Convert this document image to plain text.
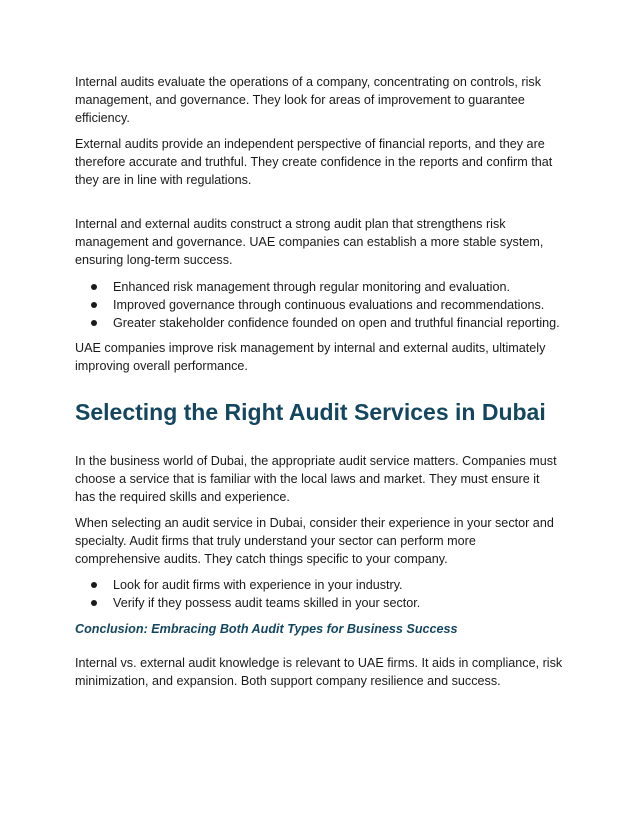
Internal audits evaluate the operations of a company, concentrating on controls, risk management, and governance. They look for areas of improvement to guarantee efficiency.

External audits provide an independent perspective of financial reports, and they are therefore accurate and truthful. They create confidence in the reports and confirm that they are in line with regulations.

Internal and external audits construct a strong audit plan that strengthens risk management and governance. UAE companies can establish a more stable system, ensuring long-term success.

Enhanced risk management through regular monitoring and evaluation.
Improved governance through continuous evaluations and recommendations.
Greater stakeholder confidence founded on open and truthful financial reporting.

UAE companies improve risk management by internal and external audits, ultimately improving overall performance.

Selecting the Right Audit Services in Dubai

In the business world of Dubai, the appropriate audit service matters. Companies must choose a service that is familiar with the local laws and market. They must ensure it has the required skills and experience.

When selecting an audit service in Dubai, consider their experience in your sector and specialty. Audit firms that truly understand your sector can perform more comprehensive audits. They catch things specific to your company.

Look for audit firms with experience in your industry.
Verify if they possess audit teams skilled in your sector.
Conclusion: Embracing Both Audit Types for Business Success

Internal vs. external audit knowledge is relevant to UAE firms. It aids in compliance, risk minimization, and expansion. Both support company resilience and success.
